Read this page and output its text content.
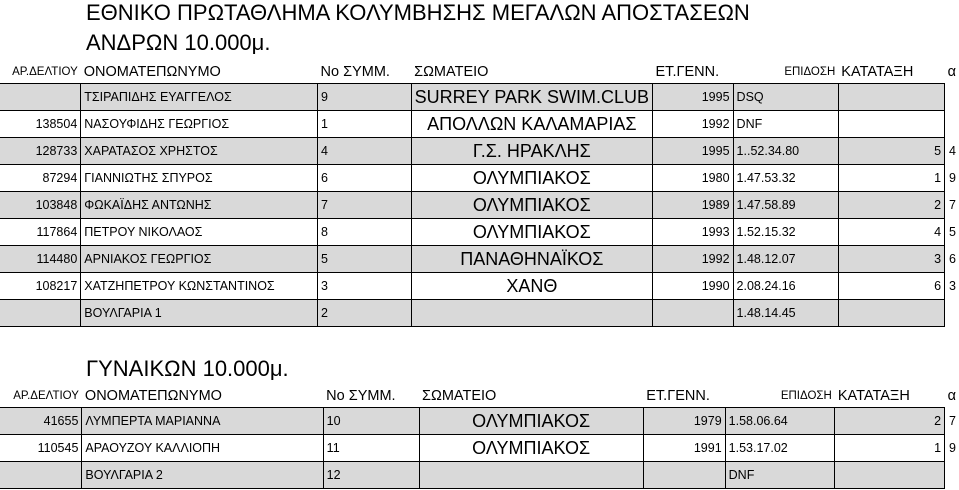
ΕΘΝΙΚΟ ΠΡΩΤΑΘΛΗΜΑ ΚΟΛΥΜΒΗΣΗΣ ΜΕΓΑΛΩΝ ΑΠΟΣΤΑΣΕΩΝ
ΑΝΔΡΩΝ 10.000μ.
ΑΡ.ΔΕΛΤΙΟΥ	ΟΝΟΜΑΤΕΠΩΝΥΜΟ	Νο ΣΥΜΜ.	ΣΩΜΑΤΕΙΟ	ΕΤ.ΓΕΝΝ.	ΕΠΙΔΟΣΗ	ΚΑΤΑΤΑΞΗ	α
	ΤΣΙΡΑΠΙΔΗΣ ΕΥΑΓΓΕΛΟΣ	9	SURREY PARK SWIM.CLUB	1995	DSQ		
138504	ΝΑΣΟΥΦΙΔΗΣ ΓΕΩΡΓΙΟΣ	1	ΑΠΟΛΛΩΝ ΚΑΛΑΜΑΡΙΑΣ	1992	DNF		
128733	ΧΑΡΑΤΑΣΟΣ ΧΡΗΣΤΟΣ	4	Γ.Σ. ΗΡΑΚΛΗΣ	1995	1..52.34.80	5	4
87294	ΓΙΑΝΝΙΩΤΗΣ ΣΠΥΡΟΣ	6	ΟΛΥΜΠΙΑΚΟΣ	1980	1.47.53.32	1	9
103848	ΦΩΚΑΪΔΗΣ ΑΝΤΩΝΗΣ	7	ΟΛΥΜΠΙΑΚΟΣ	1989	1.47.58.89	2	7
117864	ΠΕΤΡΟΥ ΝΙΚΟΛΑΟΣ	8	ΟΛΥΜΠΙΑΚΟΣ	1993	1.52.15.32	4	5
114480	ΑΡΝΙΑΚΟΣ ΓΕΩΡΓΙΟΣ	5	ΠΑΝΑΘΗΝΑΪΚΟΣ	1992	1.48.12.07	3	6
108217	ΧΑΤΖΗΠΕΤΡΟΥ ΚΩΝΣΤΑΝΤΙΝΟΣ	3	ΧΑΝΘ	1990	2.08.24.16	6	3
	ΒΟΥΛΓΑΡΙΑ 1	2			1.48.14.45		
ΓΥΝΑΙΚΩΝ 10.000μ.
ΑΡ.ΔΕΛΤΙΟΥ	ΟΝΟΜΑΤΕΠΩΝΥΜΟ	Νο ΣΥΜΜ.	ΣΩΜΑΤΕΙΟ	ΕΤ.ΓΕΝΝ.	ΕΠΙΔΟΣΗ	ΚΑΤΑΤΑΞΗ	α
41655	ΛΥΜΠΕΡΤΑ ΜΑΡΙΑΝΝΑ	10	ΟΛΥΜΠΙΑΚΟΣ	1979	1.58.06.64	2	7
110545	ΑΡΑΟΥΖΟΥ ΚΑΛΛΙΟΠΗ	11	ΟΛΥΜΠΙΑΚΟΣ	1991	1.53.17.02	1	9
	ΒΟΥΛΓΑΡΙΑ 2	12			DNF		
